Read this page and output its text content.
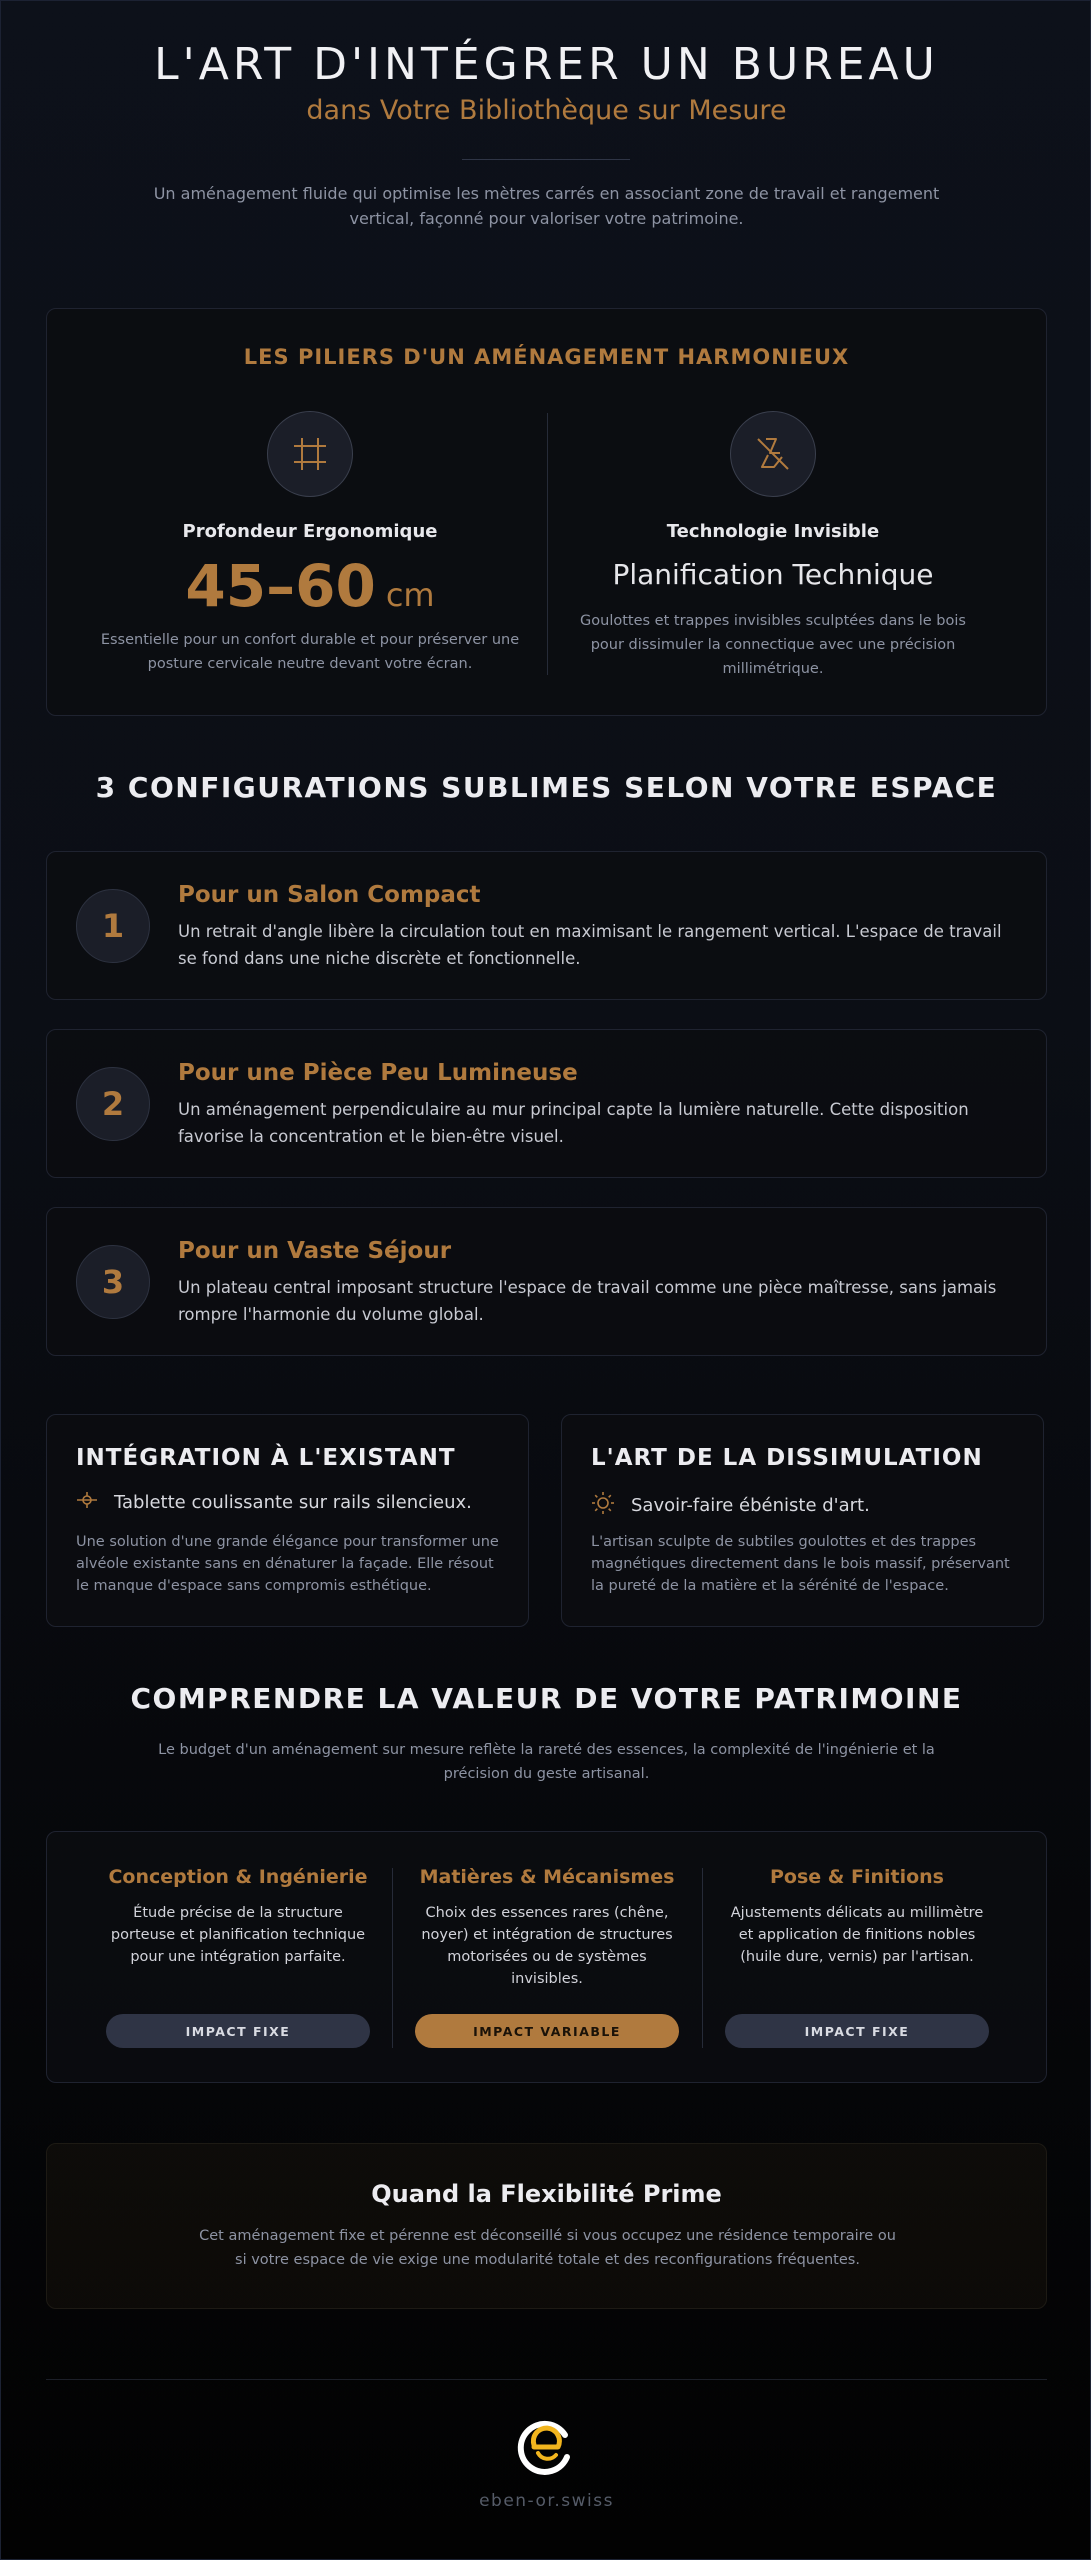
L'ART D'INTÉGRER UN BUREAU
dans Votre Bibliothèque sur Mesure

Un aménagement fluide qui optimise les mètres carrés en associant zone de travail et rangement vertical, façonné pour valoriser votre patrimoine.

LES PILIERS D'UN AMÉNAGEMENT HARMONIEUX
Profondeur Ergonomique
45–60 cm

Essentielle pour un confort durable et pour préserver une posture cervicale neutre devant votre écran.

Technologie Invisible
Planification Technique

Goulottes et trappes invisibles sculptées dans le bois pour dissimuler la connectique avec une précision millimétrique.

3 CONFIGURATIONS SUBLIMES SELON VOTRE ESPACE
1
Pour un Salon Compact

Un retrait d'angle libère la circulation tout en maximisant le rangement vertical. L'espace de travail se fond dans une niche discrète et fonctionnelle.

2
Pour une Pièce Peu Lumineuse

Un aménagement perpendiculaire au mur principal capte la lumière naturelle. Cette disposition favorise la concentration et le bien-être visuel.

3
Pour un Vaste Séjour

Un plateau central imposant structure l'espace de travail comme une pièce maîtresse, sans jamais rompre l'harmonie du volume global.

INTÉGRATION À L'EXISTANT
Tablette coulissante sur rails silencieux.

Une solution d'une grande élégance pour transformer une alvéole existante sans en dénaturer la façade. Elle résout le manque d'espace sans compromis esthétique.

L'ART DE LA DISSIMULATION
Savoir-faire ébéniste d'art.

L'artisan sculpte de subtiles goulottes et des trappes magnétiques directement dans le bois massif, préservant la pureté de la matière et la sérénité de l'espace.

COMPRENDRE LA VALEUR DE VOTRE PATRIMOINE

Le budget d'un aménagement sur mesure reflète la rareté des essences, la complexité de l'ingénierie et la précision du geste artisanal.

Conception & Ingénierie

Étude précise de la structure porteuse et planification technique pour une intégration parfaite.

Matières & Mécanismes

Choix des essences rares (chêne, noyer) et intégration de structures motorisées ou de systèmes invisibles.

Pose & Finitions

Ajustements délicats au millimètre et application de finitions nobles (huile dure, vernis) par l'artisan.

IMPACT FIXE	IMPACT VARIABLE	IMPACT FIXE
Quand la Flexibilité Prime

Cet aménagement fixe et pérenne est déconseillé si vous occupez une résidence temporaire ou si votre espace de vie exige une modularité totale et des reconfigurations fréquentes.

eben-or.swiss
